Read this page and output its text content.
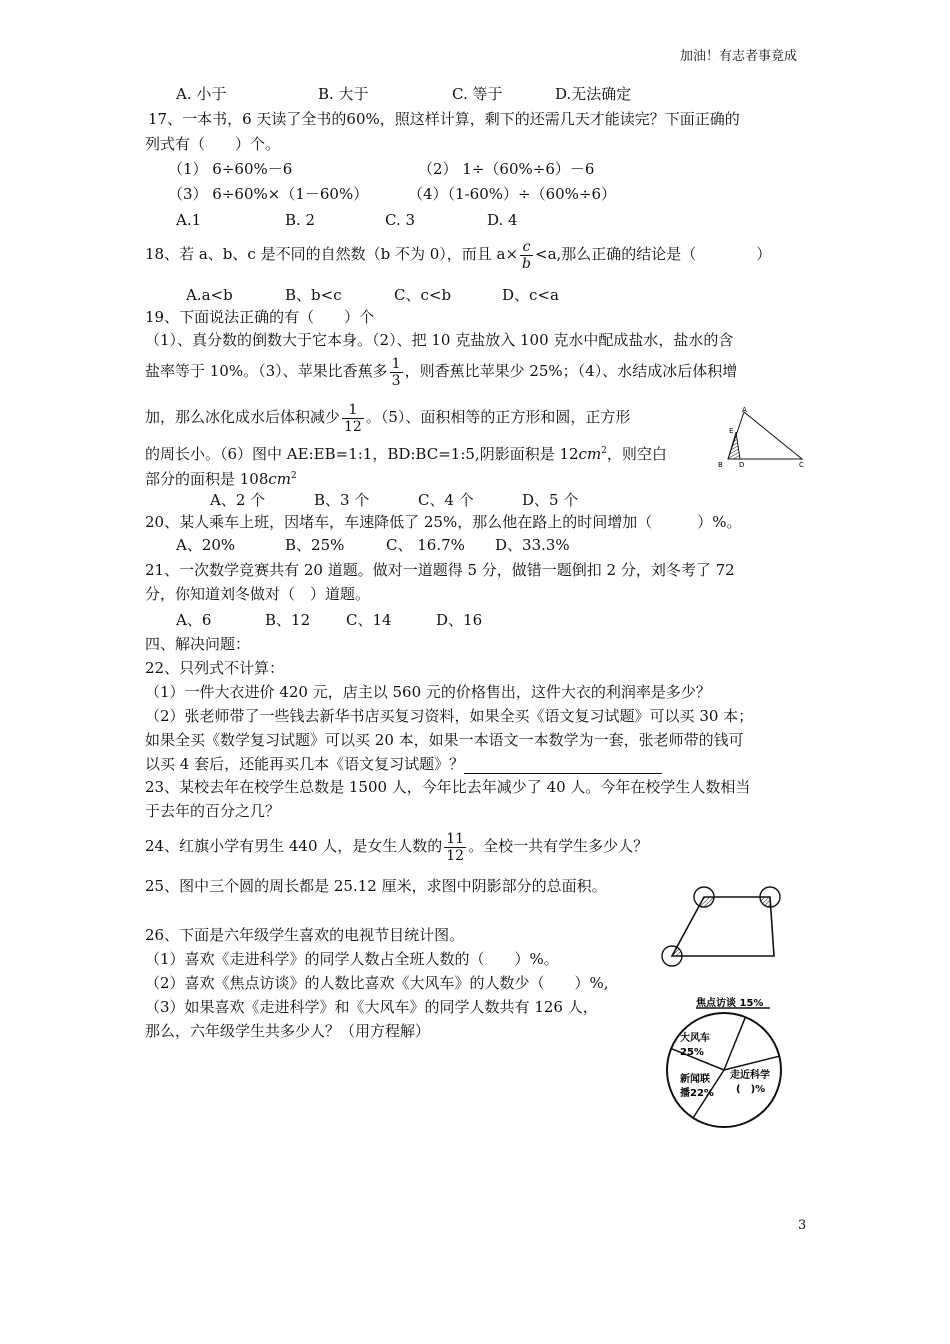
加油！有志者事竟成
A. 小于	B. 大于	C. 等于	D.无法确定
17、一本书，6 天读了全书的60%，照这样计算，剩下的还需几天才能读完？下面正确的
列式有（　　）个。
（1） 6÷60%－6	（2） 1÷（60%÷6）－6
（3） 6÷60%×（1－60%）	（4）（1-60%）÷（60%÷6）
A.1	B. 2	C. 3	D. 4
18、若 a、b、c 是不同的自然数（b 不为 0），而且 $a\times \frac{c}{b} <a$,那么正确的结论是（　　　　）
A.a<b	B、b<c	C、c<b	D、c<a
19、下面说法正确的有（　　）个
（1）、真分数的倒数大于它本身。（2）、把 10 克盐放入 100 克水中配成盐水，盐水的含
盐率等于 10%。（3）、苹果比香蕉多 $\frac{1}{3}$ ，则香蕉比苹果少 25%；（4）、水结成冰后体积增
加，那么冰化成水后体积减少 $\frac{1}{12}$ 。（5）、面积相等的正方形和圆，正方形
的周长小。（6）图中 AE:EB=1:1，BD:BC=1:5,阴影面积是 $12cm^2$，则空白
部分的面积是 $108cm^2$
A、2 个	B、3 个	C、4 个	D、5 个
A
E
B D	C
20、某人乘车上班，因堵车，车速降低了 25%，那么他在路上的时间增加（　　　）%。
A、20%	B、25%	C、 16.7% D、33.3%
21、一次数学竞赛共有 20 道题。做对一道题得 5 分，做错一题倒扣 2 分，刘冬考了 72
分，你知道刘冬做对（　）道题。
A、6	B、12 C、14	D、16
四、解决问题：
22、只列式不计算：
（1）一件大衣进价 420 元，店主以 560 元的价格售出，这件大衣的利润率是多少？
（2）张老师带了一些钱去新华书店买复习资料，如果全买《语文复习试题》可以买 30 本；
如果全买《数学复习试题》可以买 20 本，如果一本语文一本数学为一套，张老师带的钱可
以买 4 套后，还能再买几本《语文复习试题》？
23、某校去年在校学生总数是 1500 人，今年比去年减少了 40 人。今年在校学生人数相当
于去年的百分之几？
24、红旗小学有男生 440 人，是女生人数的 $\frac{11}{12}$ 。全校一共有学生多少人？
25、图中三个圆的周长都是 25.12 厘米，求图中阴影部分的总面积。
26、下面是六年级学生喜欢的电视节目统计图。
（1）喜欢《走进科学》的同学人数占全班人数的（　　）%。
（2）喜欢《焦点访谈》的人数比喜欢《大风车》的人数少（　　）%,
（3）如果喜欢《走进科学》和《大风车》的同学人数共有 126 人，
那么，六年级学生共多少人？（用方程解）
焦点访谈 15%
大风车
25%
新闻联
播22%
走近科学
(　)%
3
